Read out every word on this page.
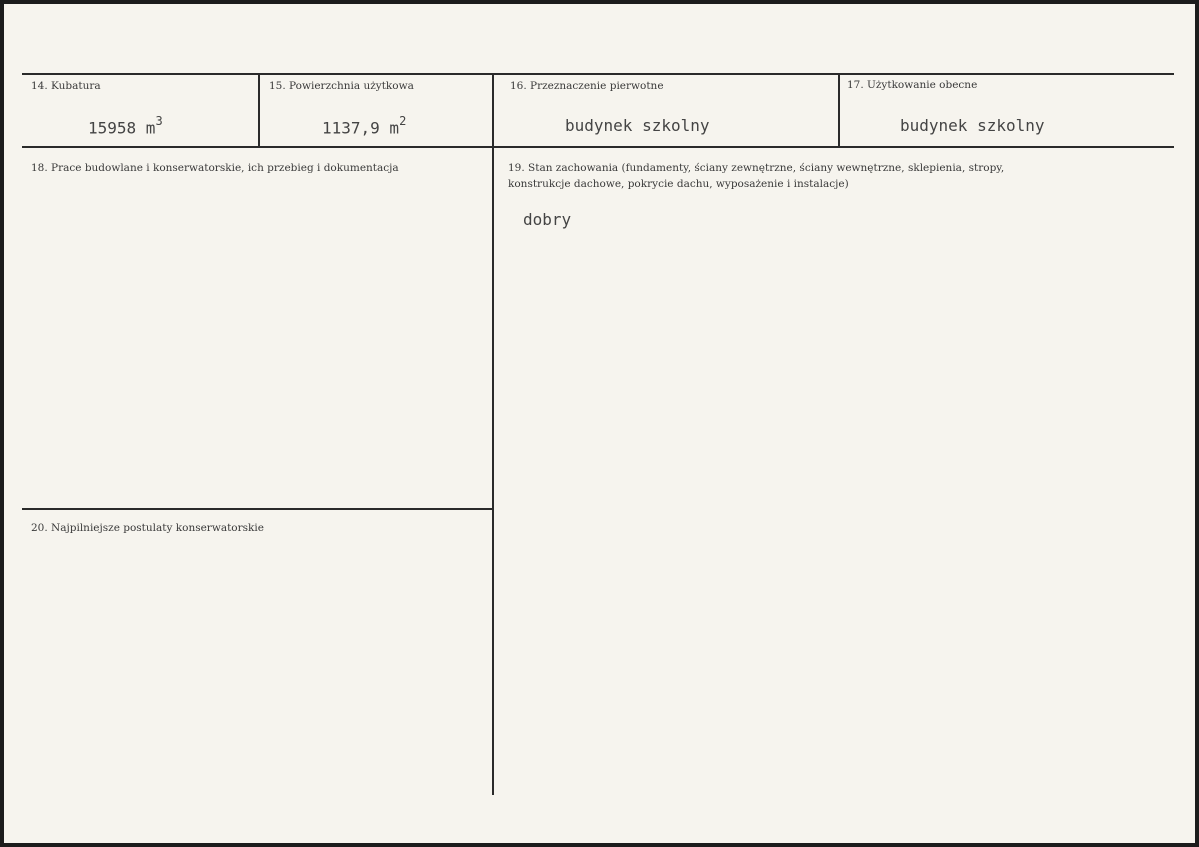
14. Kubatura
15958 $m^3$
15. Powierzchnia użytkowa
1137,9 $m^2$
16. Przeznaczenie pierwotne
budynek szkolny
17. Użytkowanie obecne
budynek szkolny
18. Prace budowlane i konserwatorskie, ich przebieg i dokumentacja	19. Stan zachowania (fundamenty, ściany zewnętrzne, ściany wewnętrzne, sklepienia, stropy,
konstrukcje dachowe, pokrycie dachu, wyposażenie i instalacje)
dobry
20. Najpilniejsze postulaty konserwatorskie
